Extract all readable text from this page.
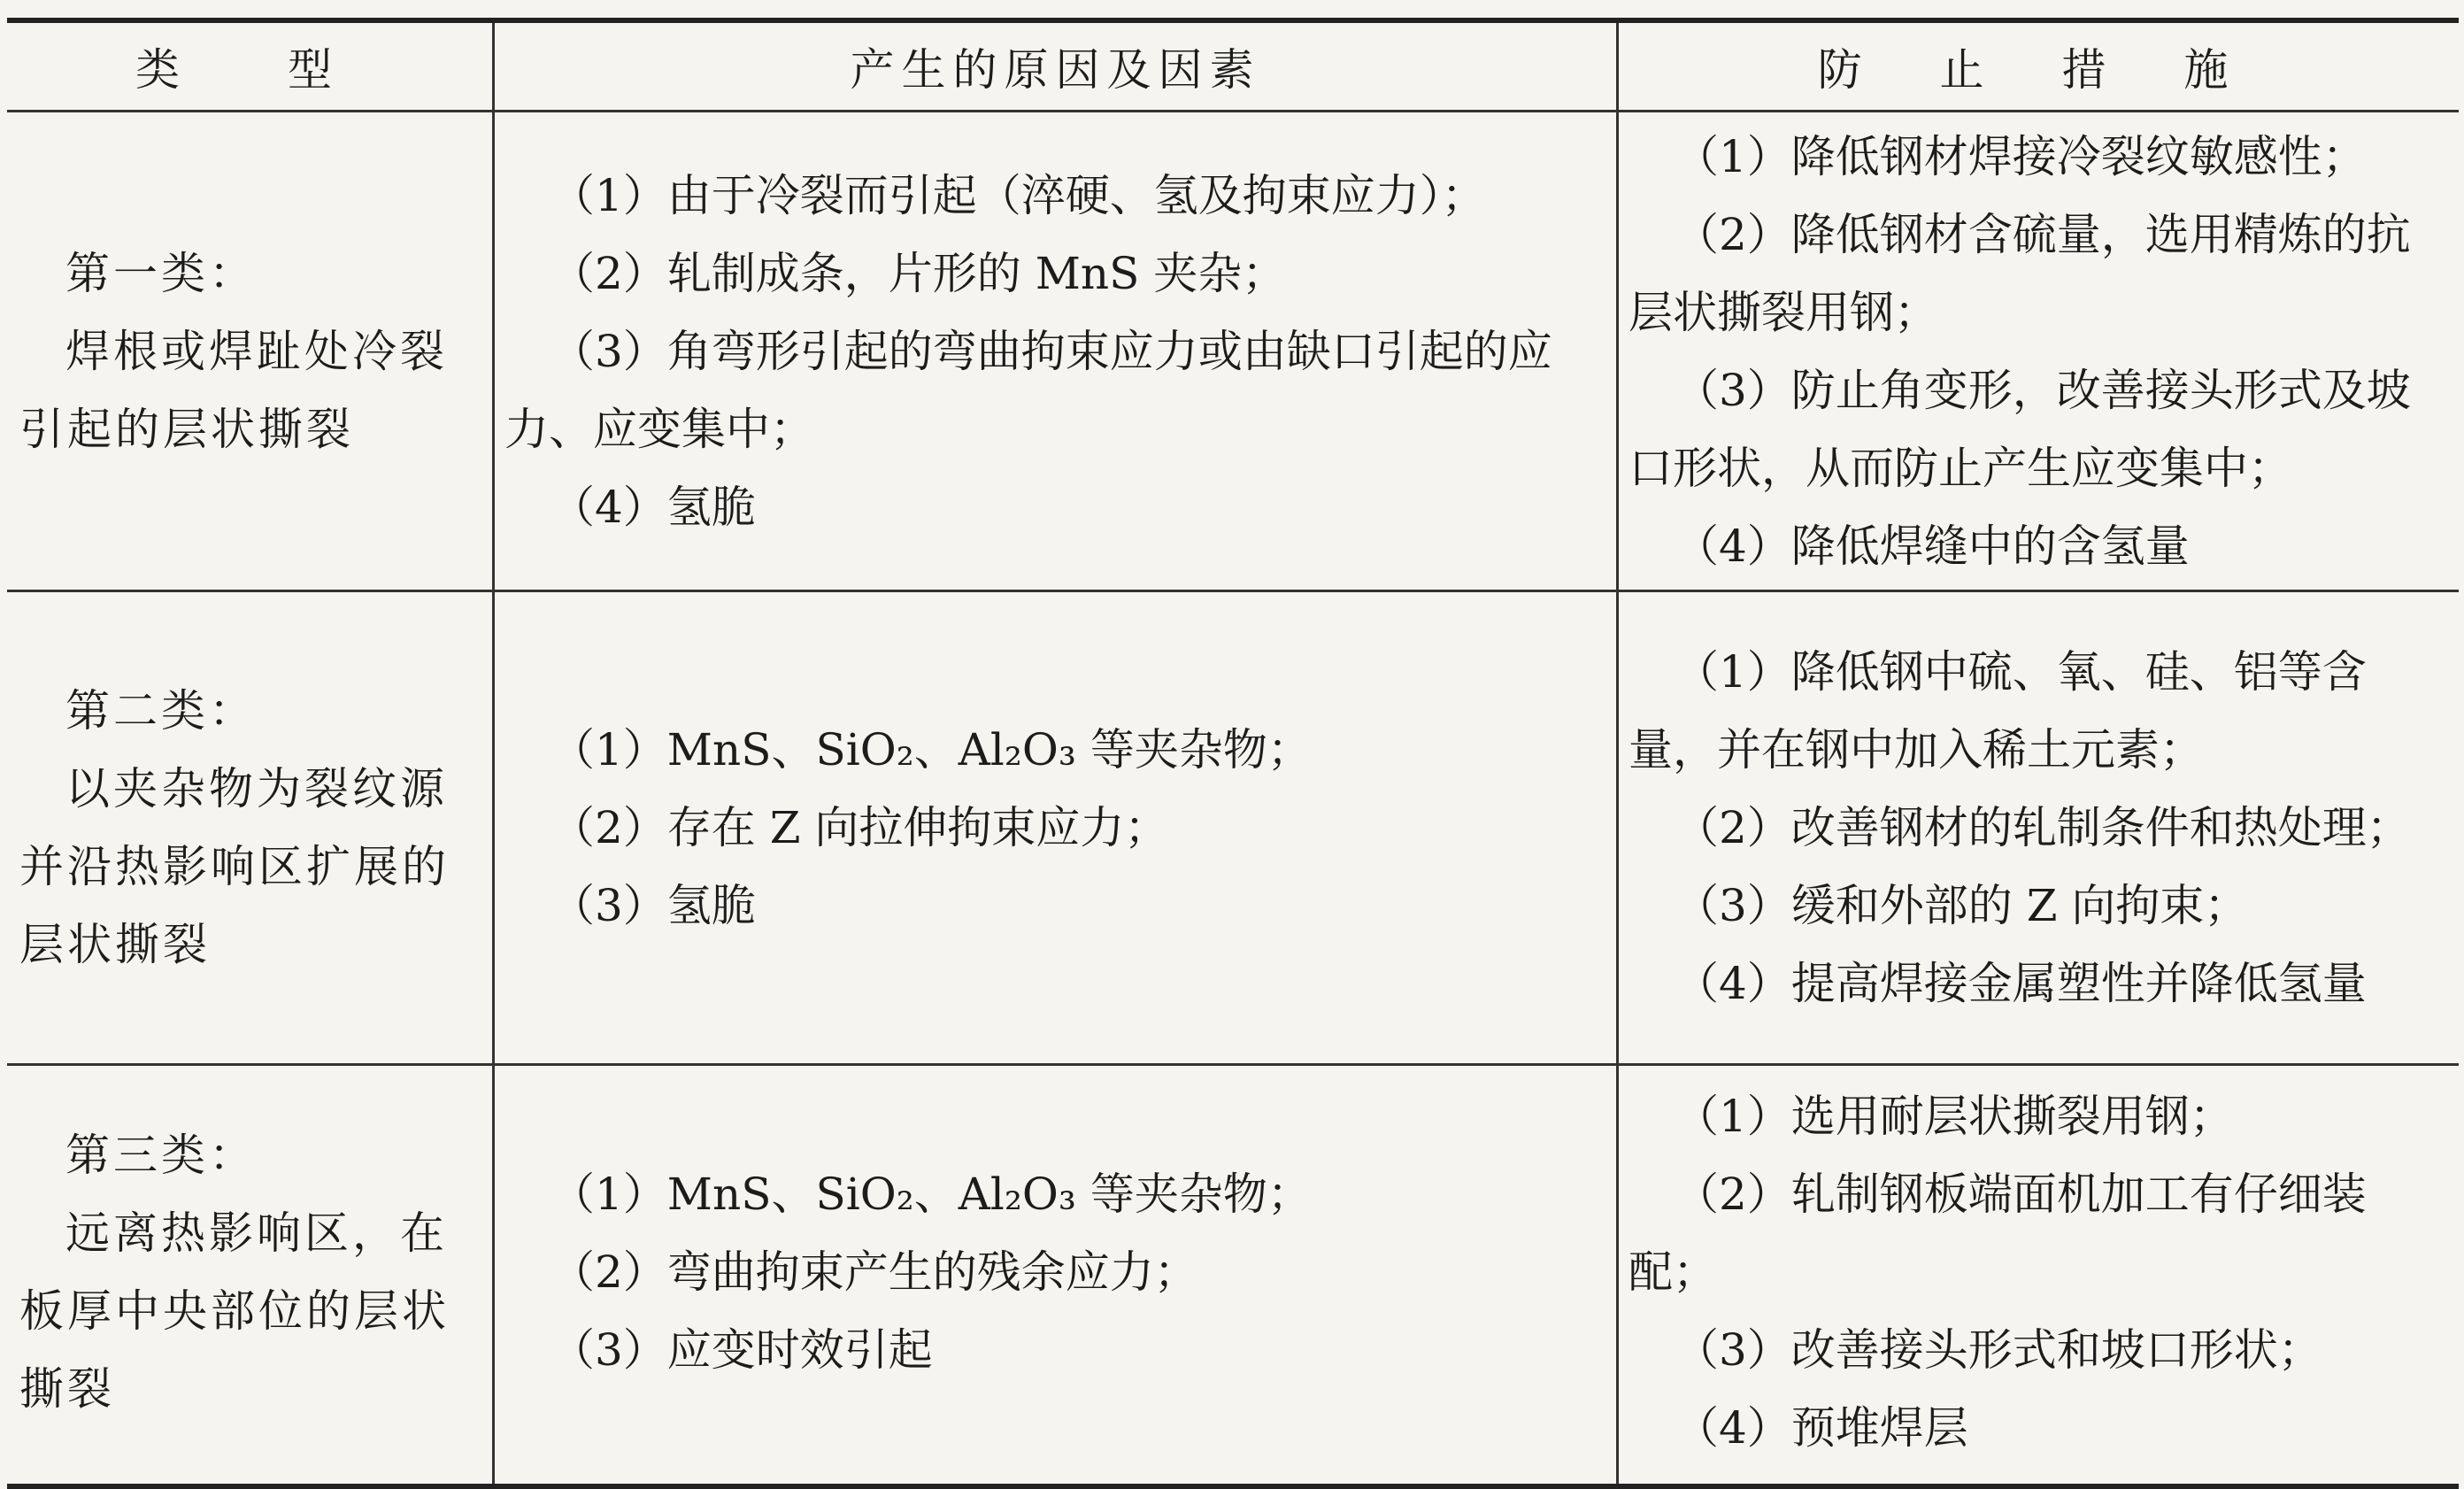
类　型	产生的原因及因素	防 止 措 施

第一类：

焊根或焊趾处冷裂引起的层状撕裂

（1）由于冷裂而引起（淬硬、氢及拘束应力）；

（2）轧制成条，片形的 MnS 夹杂；

（3）角弯形引起的弯曲拘束应力或由缺口引起的应力、应变集中；

（4）氢脆

（1）降低钢材焊接冷裂纹敏感性；

（2）降低钢材含硫量，选用精炼的抗层状撕裂用钢；

（3）防止角变形，改善接头形式及坡口形状，从而防止产生应变集中；

（4）降低焊缝中的含氢量

第二类：

以夹杂物为裂纹源并沿热影响区扩展的层状撕裂

（1）MnS、SiO₂、Al₂O₃ 等夹杂物；

（2）存在 Z 向拉伸拘束应力；

（3）氢脆

（1）降低钢中硫、氧、硅、铝等含量，并在钢中加入稀土元素；

（2）改善钢材的轧制条件和热处理；

（3）缓和外部的 Z 向拘束；

（4）提高焊接金属塑性并降低氢量

第三类：

远离热影响区，在板厚中央部位的层状撕裂

（1）MnS、SiO₂、Al₂O₃ 等夹杂物；

（2）弯曲拘束产生的残余应力；

（3）应变时效引起

（1）选用耐层状撕裂用钢；

（2）轧制钢板端面机加工有仔细装配；

（3）改善接头形式和坡口形状；

（4）预堆焊层
